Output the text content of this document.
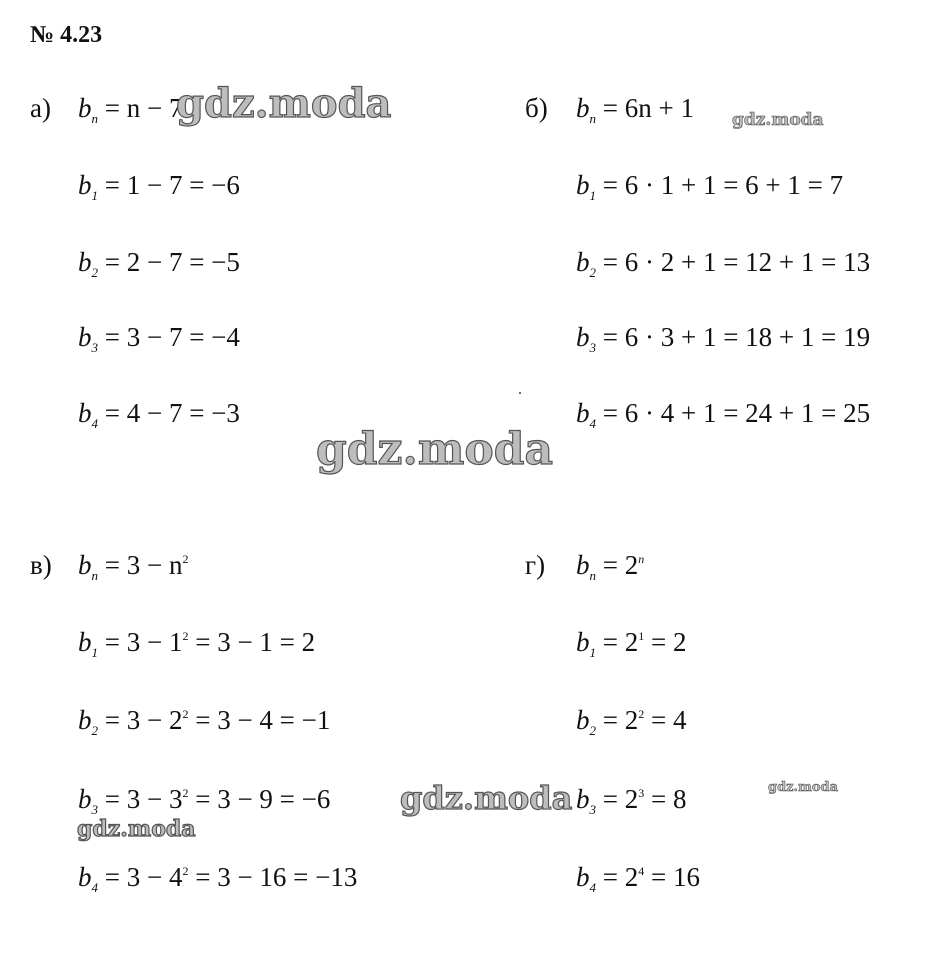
№ 4.23
а) $b_n = n - 7$
$b_1 = 1 - 7 = -6$
$b_2 = 2 - 7 = -5$
$b_3 = 3 - 7 = -4$
$b_4 = 4 - 7 = -3$
б) $b_n = 6n + 1$
$b_1 = 6 \cdot 1 + 1 = 6 + 1 = 7$
$b_2 = 6 \cdot 2 + 1 = 12 + 1 = 13$
$b_3 = 6 \cdot 3 + 1 = 18 + 1 = 19$
$b_4 = 6 \cdot 4 + 1 = 24 + 1 = 25$
в) $b_n = 3 - n^2$
$b_1 = 3 - 1^2 = 3 - 1 = 2$
$b_2 = 3 - 2^2 = 3 - 4 = -1$
$b_3 = 3 - 3^2 = 3 - 9 = -6$
$b_4 = 3 - 4^2 = 3 - 16 = -13$
г) $b_n = 2^n$
$b_1 = 2^1 = 2$
$b_2 = 2^2 = 4$
$b_3 = 2^3 = 8$
$b_4 = 2^4 = 16$
gdz.moda	gdz.moda
gdz.moda
gdz.moda
gdz.moda
gdz.moda
